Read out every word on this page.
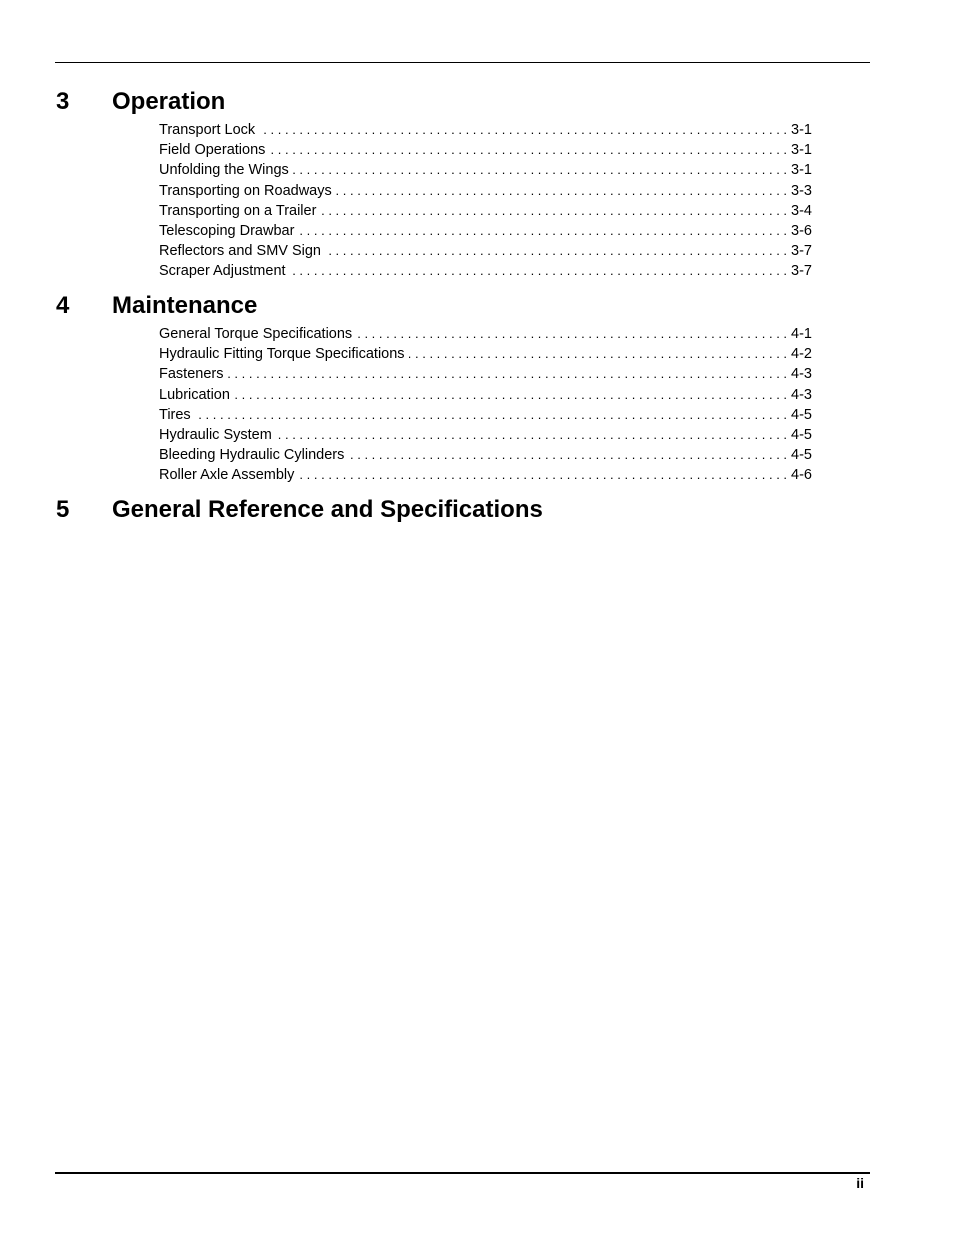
3 Operation
Transport Lock . . .	3-1
Field Operations . . .	3-1
Unfolding the Wings . . .	3-1
Transporting on Roadways . . .	3-3
Transporting on a Trailer . . .	3-4
Telescoping Drawbar . . .	3-6
Reflectors and SMV Sign . . .	3-7
Scraper Adjustment . . .	3-7
4 Maintenance
General Torque Specifications . . .	4-1
Hydraulic Fitting Torque Specifications . . .	4-2
Fasteners . . .	4-3
Lubrication . . .	4-3
Tires . . .	4-5
Hydraulic System . . .	4-5
Bleeding Hydraulic Cylinders . . .	4-5
Roller Axle Assembly . . .	4-6
5 General Reference and Specifications
ii
